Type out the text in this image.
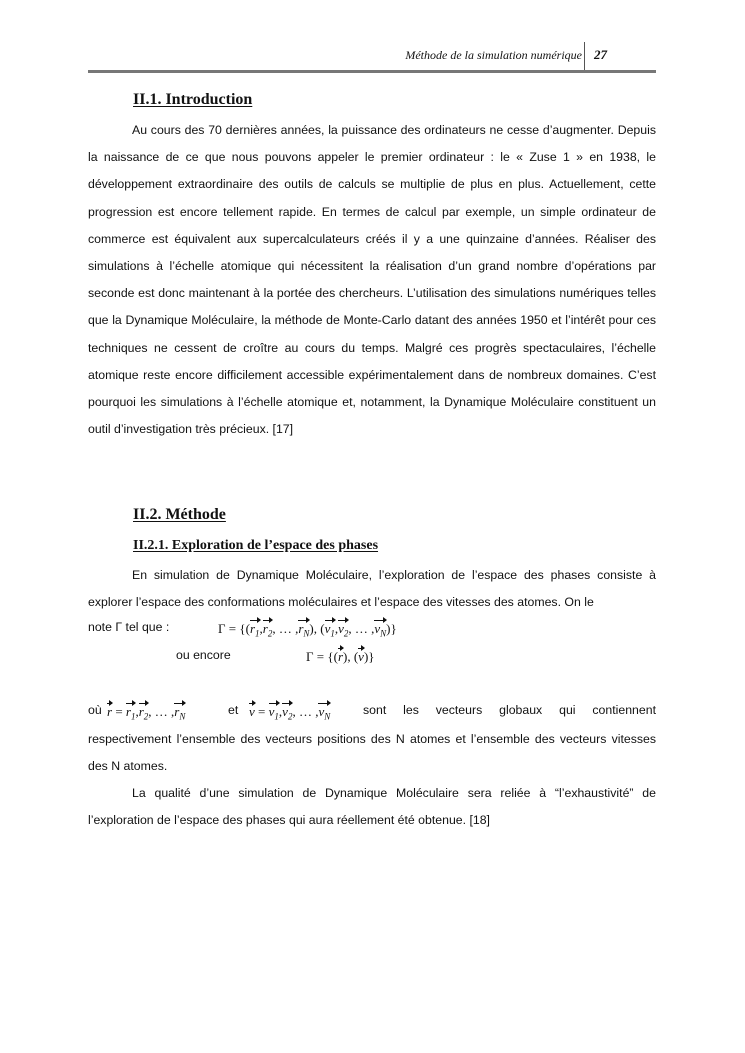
Méthode de la simulation numérique 27
II.1. Introduction

Au cours des 70 dernières années, la puissance des ordinateurs ne cesse d’augmenter. Depuis la naissance de ce que nous pouvons appeler le premier ordinateur : le « Zuse 1 » en 1938, le développement extraordinaire des outils de calculs se multiplie de plus en plus. Actuellement, cette progression est encore tellement rapide. En termes de calcul par exemple, un simple ordinateur de commerce est équivalent aux supercalculateurs créés il y a une quinzaine d’années. Réaliser des simulations à l’échelle atomique qui nécessitent la réalisation d’un grand nombre d’opérations par seconde est donc maintenant à la portée des chercheurs. L’utilisation des simulations numériques telles que la Dynamique Moléculaire, la méthode de Monte-Carlo datant des années 1950 et l’intérêt pour ces techniques ne cessent de croître au cours du temps. Malgré ces progrès spectaculaires, l’échelle atomique reste encore difficilement accessible expérimentalement dans de nombreux domaines. C’est pourquoi les simulations à l’échelle atomique et, notamment, la Dynamique Moléculaire constituent un outil d’investigation très précieux. [17]

II.2. Méthode
II.2.1. Exploration de l’espace des phases

En simulation de Dynamique Moléculaire, l’exploration de l’espace des phases consiste à explorer l’espace des conformations moléculaires et l’espace des vitesses des atomes. On le

note Γ tel que :	$\Gamma = \{(r_1,r_2$, … $,r_N$), ($v_1,v_2$, … $,v_N$)}
ou encore	Γ = {(r), (v)}
où $r = r_1,r_2$, … $,r_N$	et $v = v_1,v_2$, … $,v_N$	sont les vecteurs globaux qui contiennent

respectivement l’ensemble des vecteurs positions des N atomes et l’ensemble des vecteurs vitesses des N atomes.

La qualité d’une simulation de Dynamique Moléculaire sera reliée à “l’exhaustivité” de l’exploration de l’espace des phases qui aura réellement été obtenue. [18]
